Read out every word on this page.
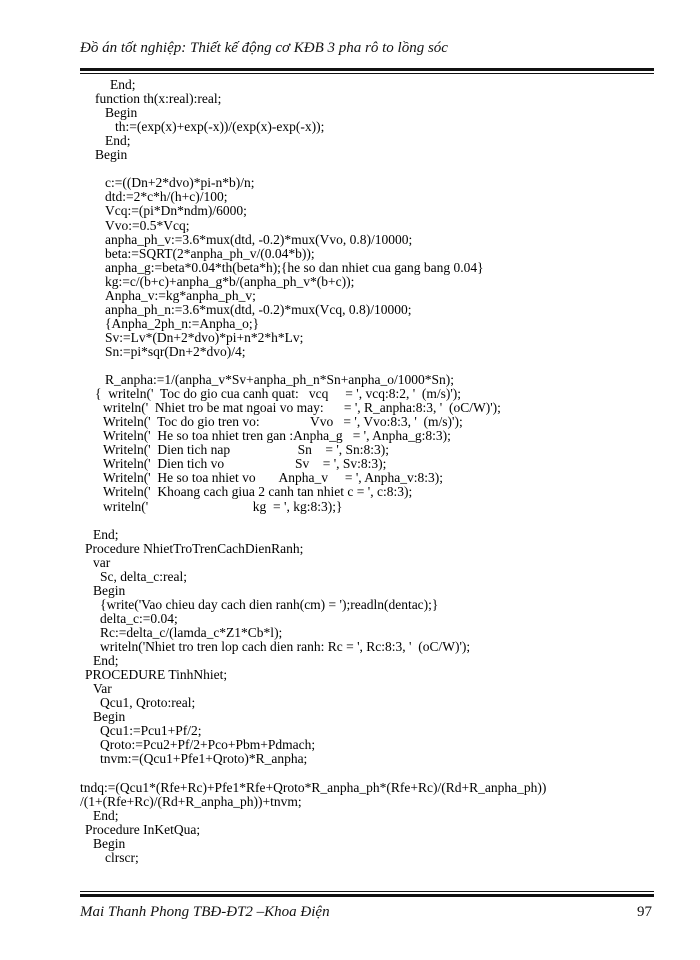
Đồ án tốt nghiệp: Thiết kế động cơ KĐB 3 pha rô to lồng sóc
End;
function th(x:real):real;
Begin
th:=(exp(x)+exp(-x))/(exp(x)-exp(-x));
End;
Begin
c:=((Dn+2*dvo)*pi-n*b)/n;
dtd:=2*c*h/(h+c)/100;
Vcq:=(pi*Dn*ndm)/6000;
Vvo:=0.5*Vcq;
anpha_ph_v:=3.6*mux(dtd, -0.2)*mux(Vvo, 0.8)/10000;
beta:=SQRT(2*anpha_ph_v/(0.04*b));
anpha_g:=beta*0.04*th(beta*h);{he so dan nhiet cua gang bang 0.04}
kg:=c/(b+c)+anpha_g*b/(anpha_ph_v*(b+c));
Anpha_v:=kg*anpha_ph_v;
anpha_ph_n:=3.6*mux(dtd, -0.2)*mux(Vcq, 0.8)/10000;
{Anpha_2ph_n:=Anpha_o;}
Sv:=Lv*(Dn+2*dvo)*pi+n*2*h*Lv;
Sn:=pi*sqr(Dn+2*dvo)/4;
R_anpha:=1/(anpha_v*Sv+anpha_ph_n*Sn+anpha_o/1000*Sn);
{  writeln('  Toc do gio cua canh quat:   vcq     = ', vcq:8:2, '  (m/s)');
writeln('  Nhiet tro be mat ngoai vo may:      = ', R_anpha:8:3, '  (oC/W)');
Writeln('  Toc do gio tren vo:               Vvo   = ', Vvo:8:3, '  (m/s)');
Writeln('  He so toa nhiet tren gan :Anpha_g   = ', Anpha_g:8:3);
Writeln('  Dien tich nap                    Sn    = ', Sn:8:3);
Writeln('  Dien tich vo                     Sv    = ', Sv:8:3);
Writeln('  He so toa nhiet vo       Anpha_v     = ', Anpha_v:8:3);
Writeln('  Khoang cach giua 2 canh tan nhiet c = ', c:8:3);
writeln('                               kg  = ', kg:8:3);}
End;
Procedure NhietTroTrenCachDienRanh;
var
Sc, delta_c:real;
Begin
{write('Vao chieu day cach dien ranh(cm) = ');readln(dentac);}
delta_c:=0.04;
Rc:=delta_c/(lamda_c*Z1*Cb*l);
writeln('Nhiet tro tren lop cach dien ranh: Rc = ', Rc:8:3, '  (oC/W)');
End;
PROCEDURE TinhNhiet;
Var
Qcu1, Qroto:real;
Begin
Qcu1:=Pcu1+Pf/2;
Qroto:=Pcu2+Pf/2+Pco+Pbm+Pdmach;
tnvm:=(Qcu1+Pfe1+Qroto)*R_anpha;
tndq:=(Qcu1*(Rfe+Rc)+Pfe1*Rfe+Qroto*R_anpha_ph*(Rfe+Rc)/(Rd+R_anpha_ph))
/(1+(Rfe+Rc)/(Rd+R_anpha_ph))+tnvm;
End;
Procedure InKetQua;
Begin
clrscr;
Mai Thanh Phong TBĐ-ĐT2 –Khoa Điện	97
